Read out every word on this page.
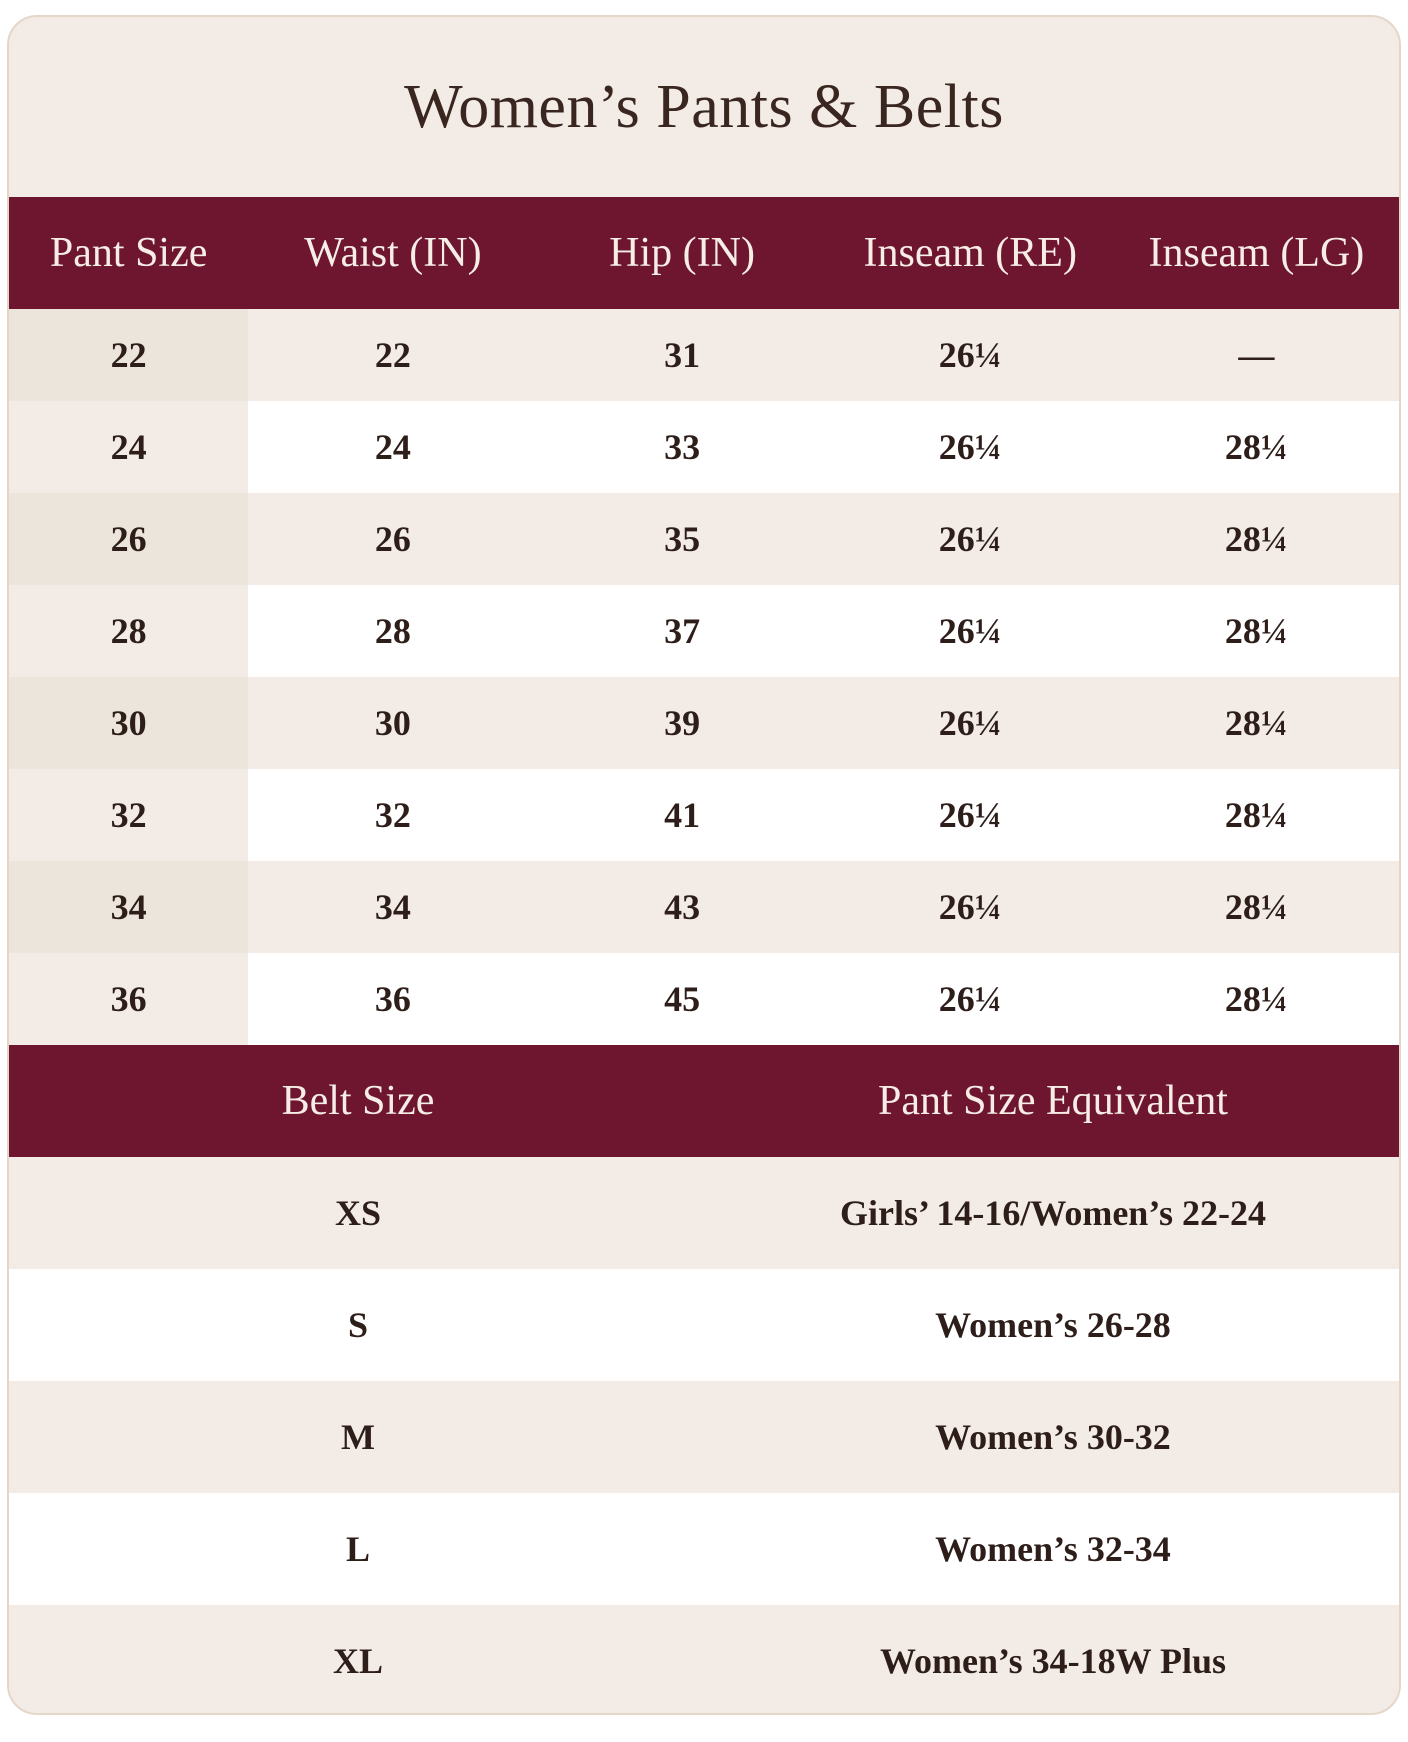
Women’s Pants & Belts
Pant Size	Waist (IN)	Hip (IN)	Inseam (RE)	Inseam (LG)
22	22	31	26¼	—
24	24	33	26¼	28¼
26	26	35	26¼	28¼
28	28	37	26¼	28¼
30	30	39	26¼	28¼
32	32	41	26¼	28¼
34	34	43	26¼	28¼
36	36	45	26¼	28¼
Belt Size	Pant Size Equivalent
XS	Girls’ 14-16/Women’s 22-24
S	Women’s 26-28
M	Women’s 30-32
L	Women’s 32-34
XL	Women’s 34-18W Plus
